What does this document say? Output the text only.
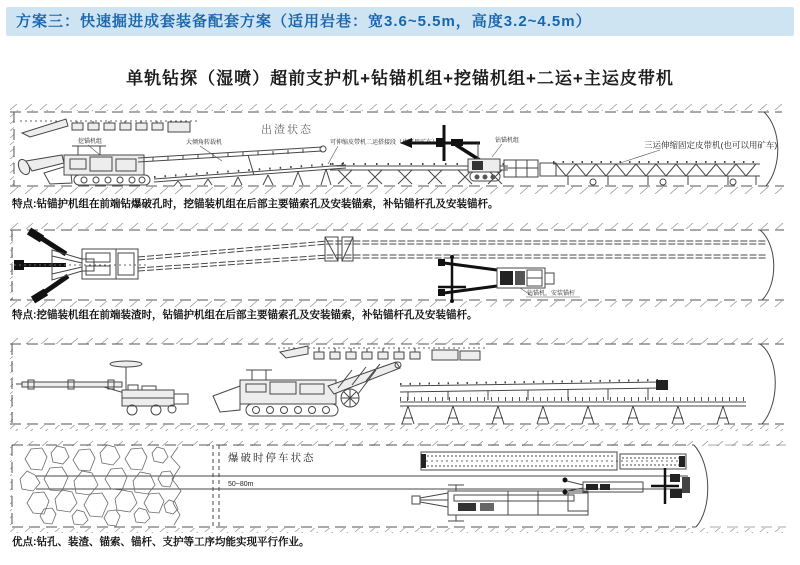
方案三：快速掘进成套装备配套方案（适用岩巷：宽3.6~5.5m，高度3.2~4.5m）
单轨钻探（湿喷）超前支护机+钻锚机组+挖锚机组+二运+主运皮带机
出渣状态
挖锚机组	大倾角转载机	可伸缩皮带机二运搭接段（也可用矿车）	钻锚机组	三运伸缩固定皮带机(也可以用矿车)
特点:钻锚护机组在前端钻爆破孔时，挖锚装机组在后部主要锚索孔及安装锚索，补钻锚杆孔及安装锚杆。
钻锚机，安装锚杆
特点:挖锚装机组在前端装渣时，钻锚护机组在后部主要锚索孔及安装锚索，补钻锚杆孔及安装锚杆。
爆破时停车状态
50~80m
优点:钻孔、装渣、锚索、锚杆、支护等工序均能实现平行作业。
